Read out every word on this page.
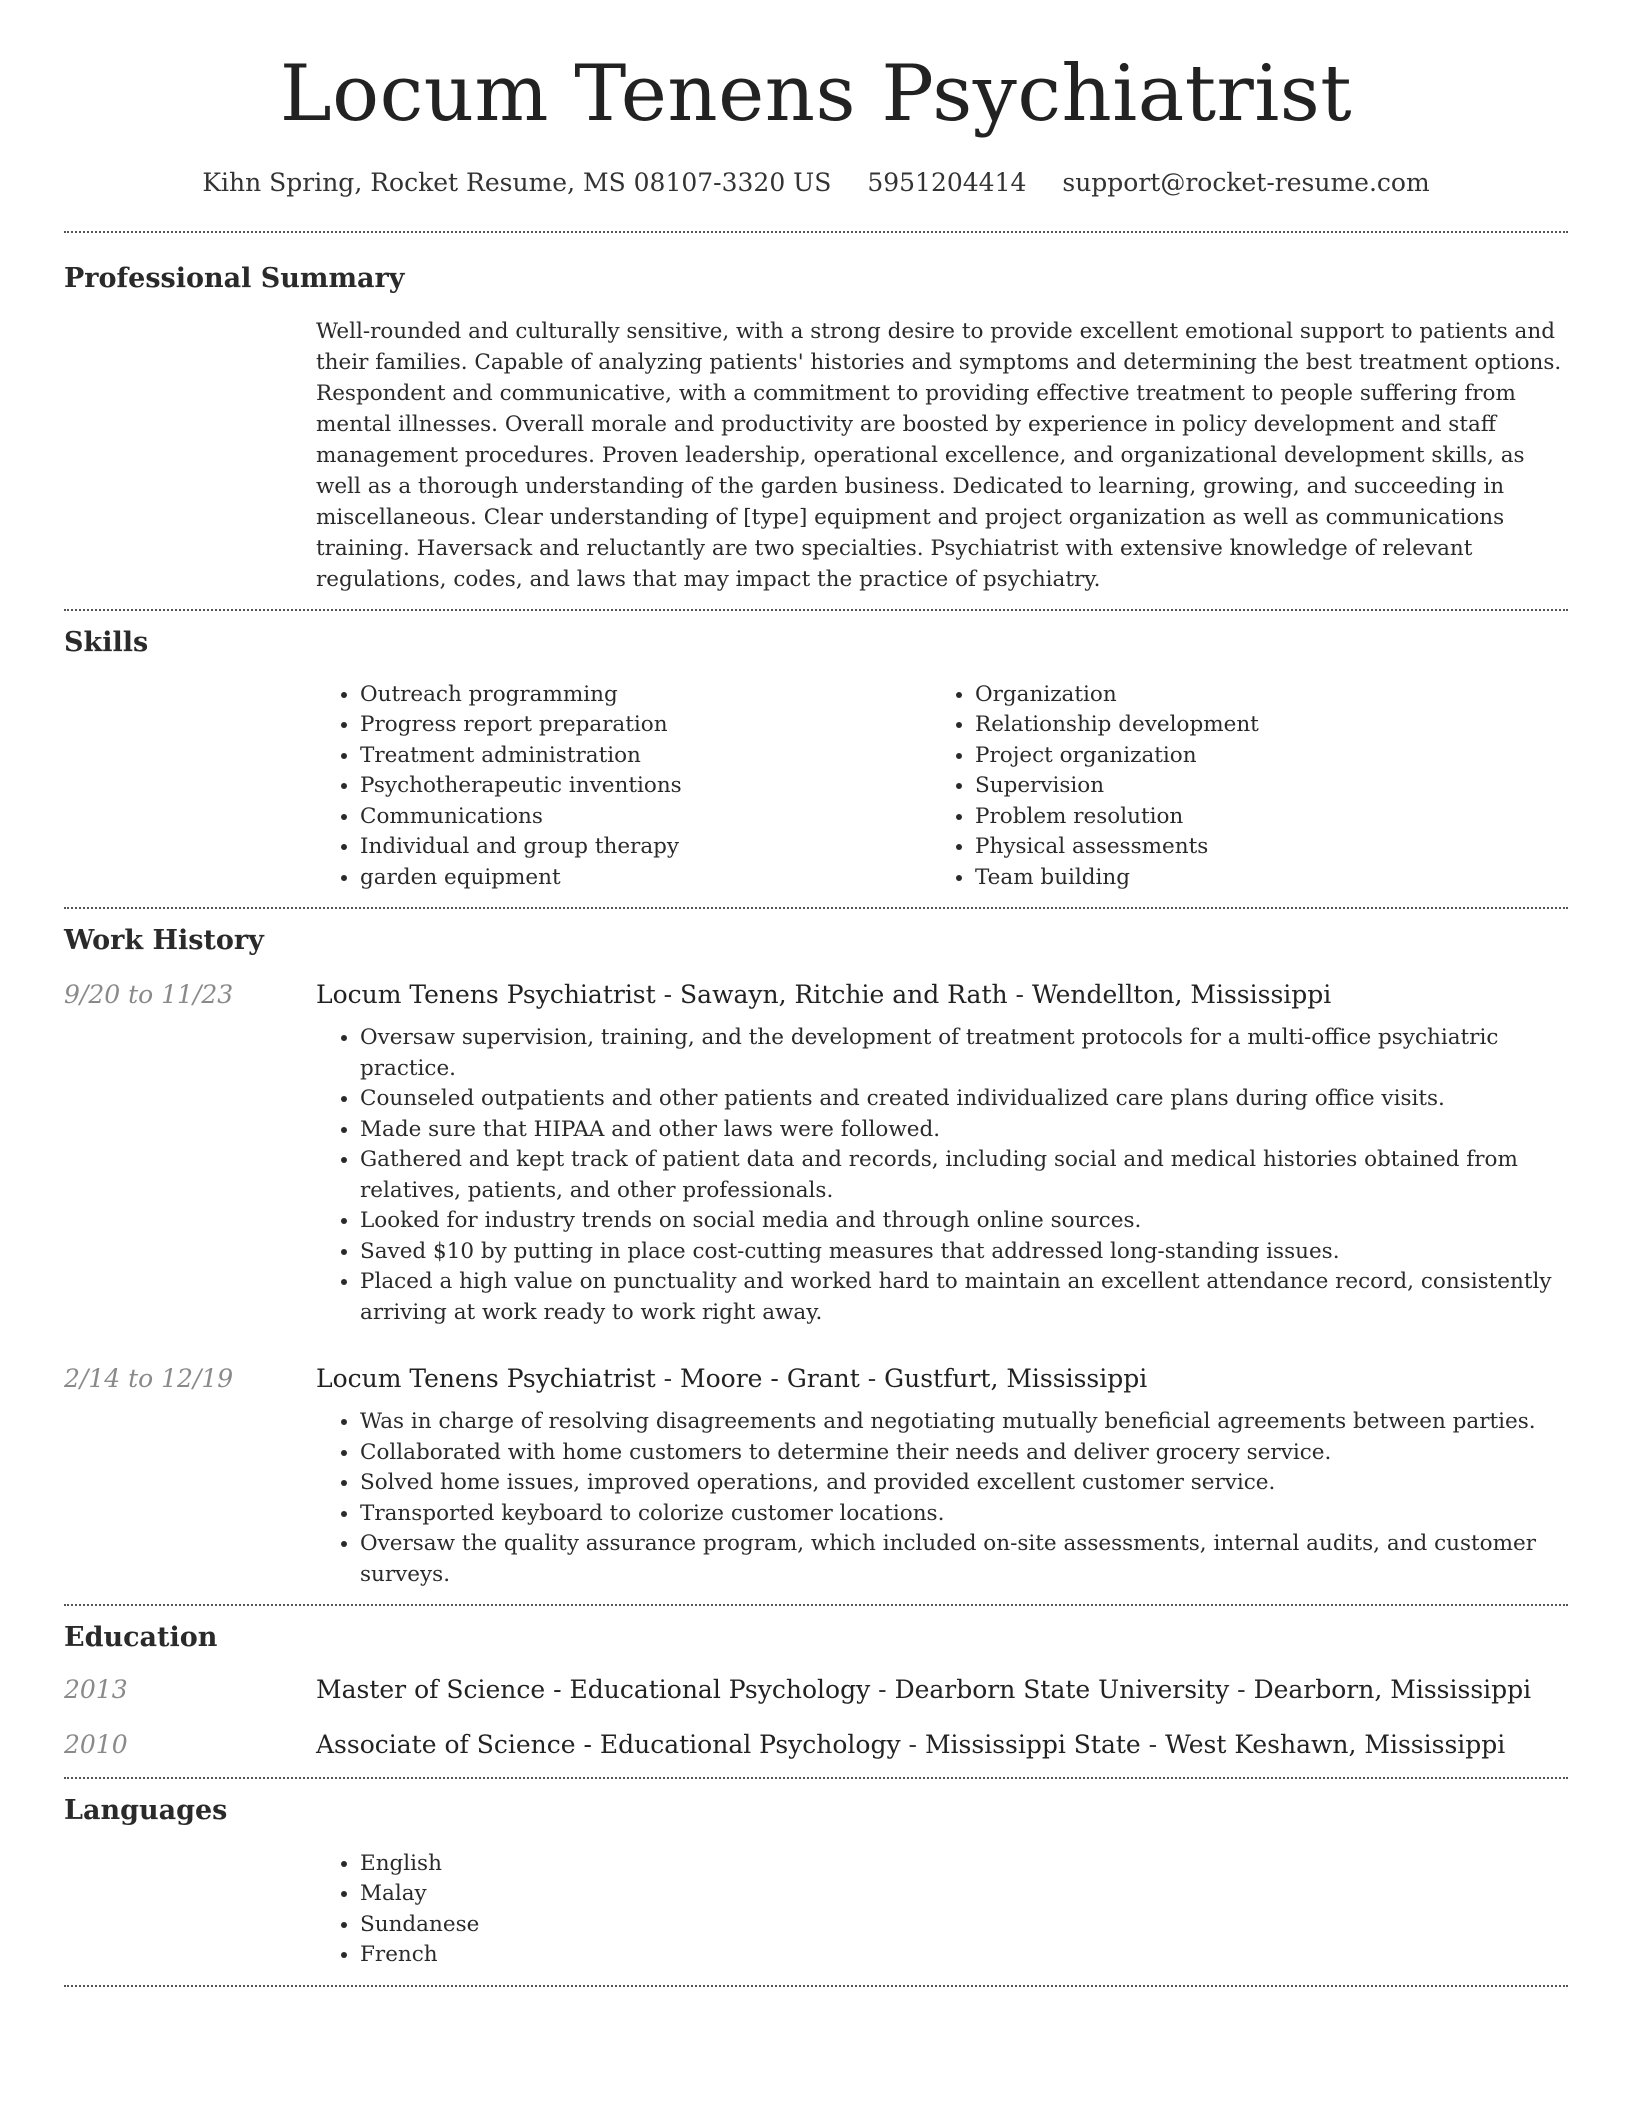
Locum Tenens Psychiatrist
Kihn Spring, Rocket Resume, MS 08107-3320 US 5951204414 support@rocket-resume.com
Professional Summary

Well-rounded and culturally sensitive, with a strong desire to provide excellent emotional support to patients and their families. Capable of analyzing patients' histories and symptoms and determining the best treatment options. Respondent and communicative, with a commitment to providing effective treatment to people suffering from mental illnesses. Overall morale and productivity are boosted by experience in policy development and staff management procedures. Proven leadership, operational excellence, and organizational development skills, as well as a thorough understanding of the garden business. Dedicated to learning, growing, and succeeding in miscellaneous. Clear understanding of [type] equipment and project organization as well as communications training. Haversack and reluctantly are two specialties. Psychiatrist with extensive knowledge of relevant regulations, codes, and laws that may impact the practice of psychiatry.

Skills
• Outreach programming
• Progress report preparation
• Treatment administration
• Psychotherapeutic inventions
• Communications
• Individual and group therapy
• garden equipment
• Organization
• Relationship development
• Project organization
• Supervision
• Problem resolution
• Physical assessments
• Team building
Work History
9/20 to 11/23	Locum Tenens Psychiatrist - Sawayn, Ritchie and Rath - Wendellton, Mississippi
• Oversaw supervision, training, and the development of treatment protocols for a multi-office psychiatric practice.
• Counseled outpatients and other patients and created individualized care plans during office visits.
• Made sure that HIPAA and other laws were followed.
• Gathered and kept track of patient data and records, including social and medical histories obtained from relatives, patients, and other professionals.
• Looked for industry trends on social media and through online sources.
• Saved $10 by putting in place cost-cutting measures that addressed long-standing issues.
• Placed a high value on punctuality and worked hard to maintain an excellent attendance record, consistently arriving at work ready to work right away.
2/14 to 12/19	Locum Tenens Psychiatrist - Moore - Grant - Gustfurt, Mississippi
• Was in charge of resolving disagreements and negotiating mutually beneficial agreements between parties.
• Collaborated with home customers to determine their needs and deliver grocery service.
• Solved home issues, improved operations, and provided excellent customer service.
• Transported keyboard to colorize customer locations.
• Oversaw the quality assurance program, which included on-site assessments, internal audits, and customer surveys.
Education
2013	Master of Science - Educational Psychology - Dearborn State University - Dearborn, Mississippi
2010	Associate of Science - Educational Psychology - Mississippi State - West Keshawn, Mississippi
Languages
• English
• Malay
• Sundanese
• French
